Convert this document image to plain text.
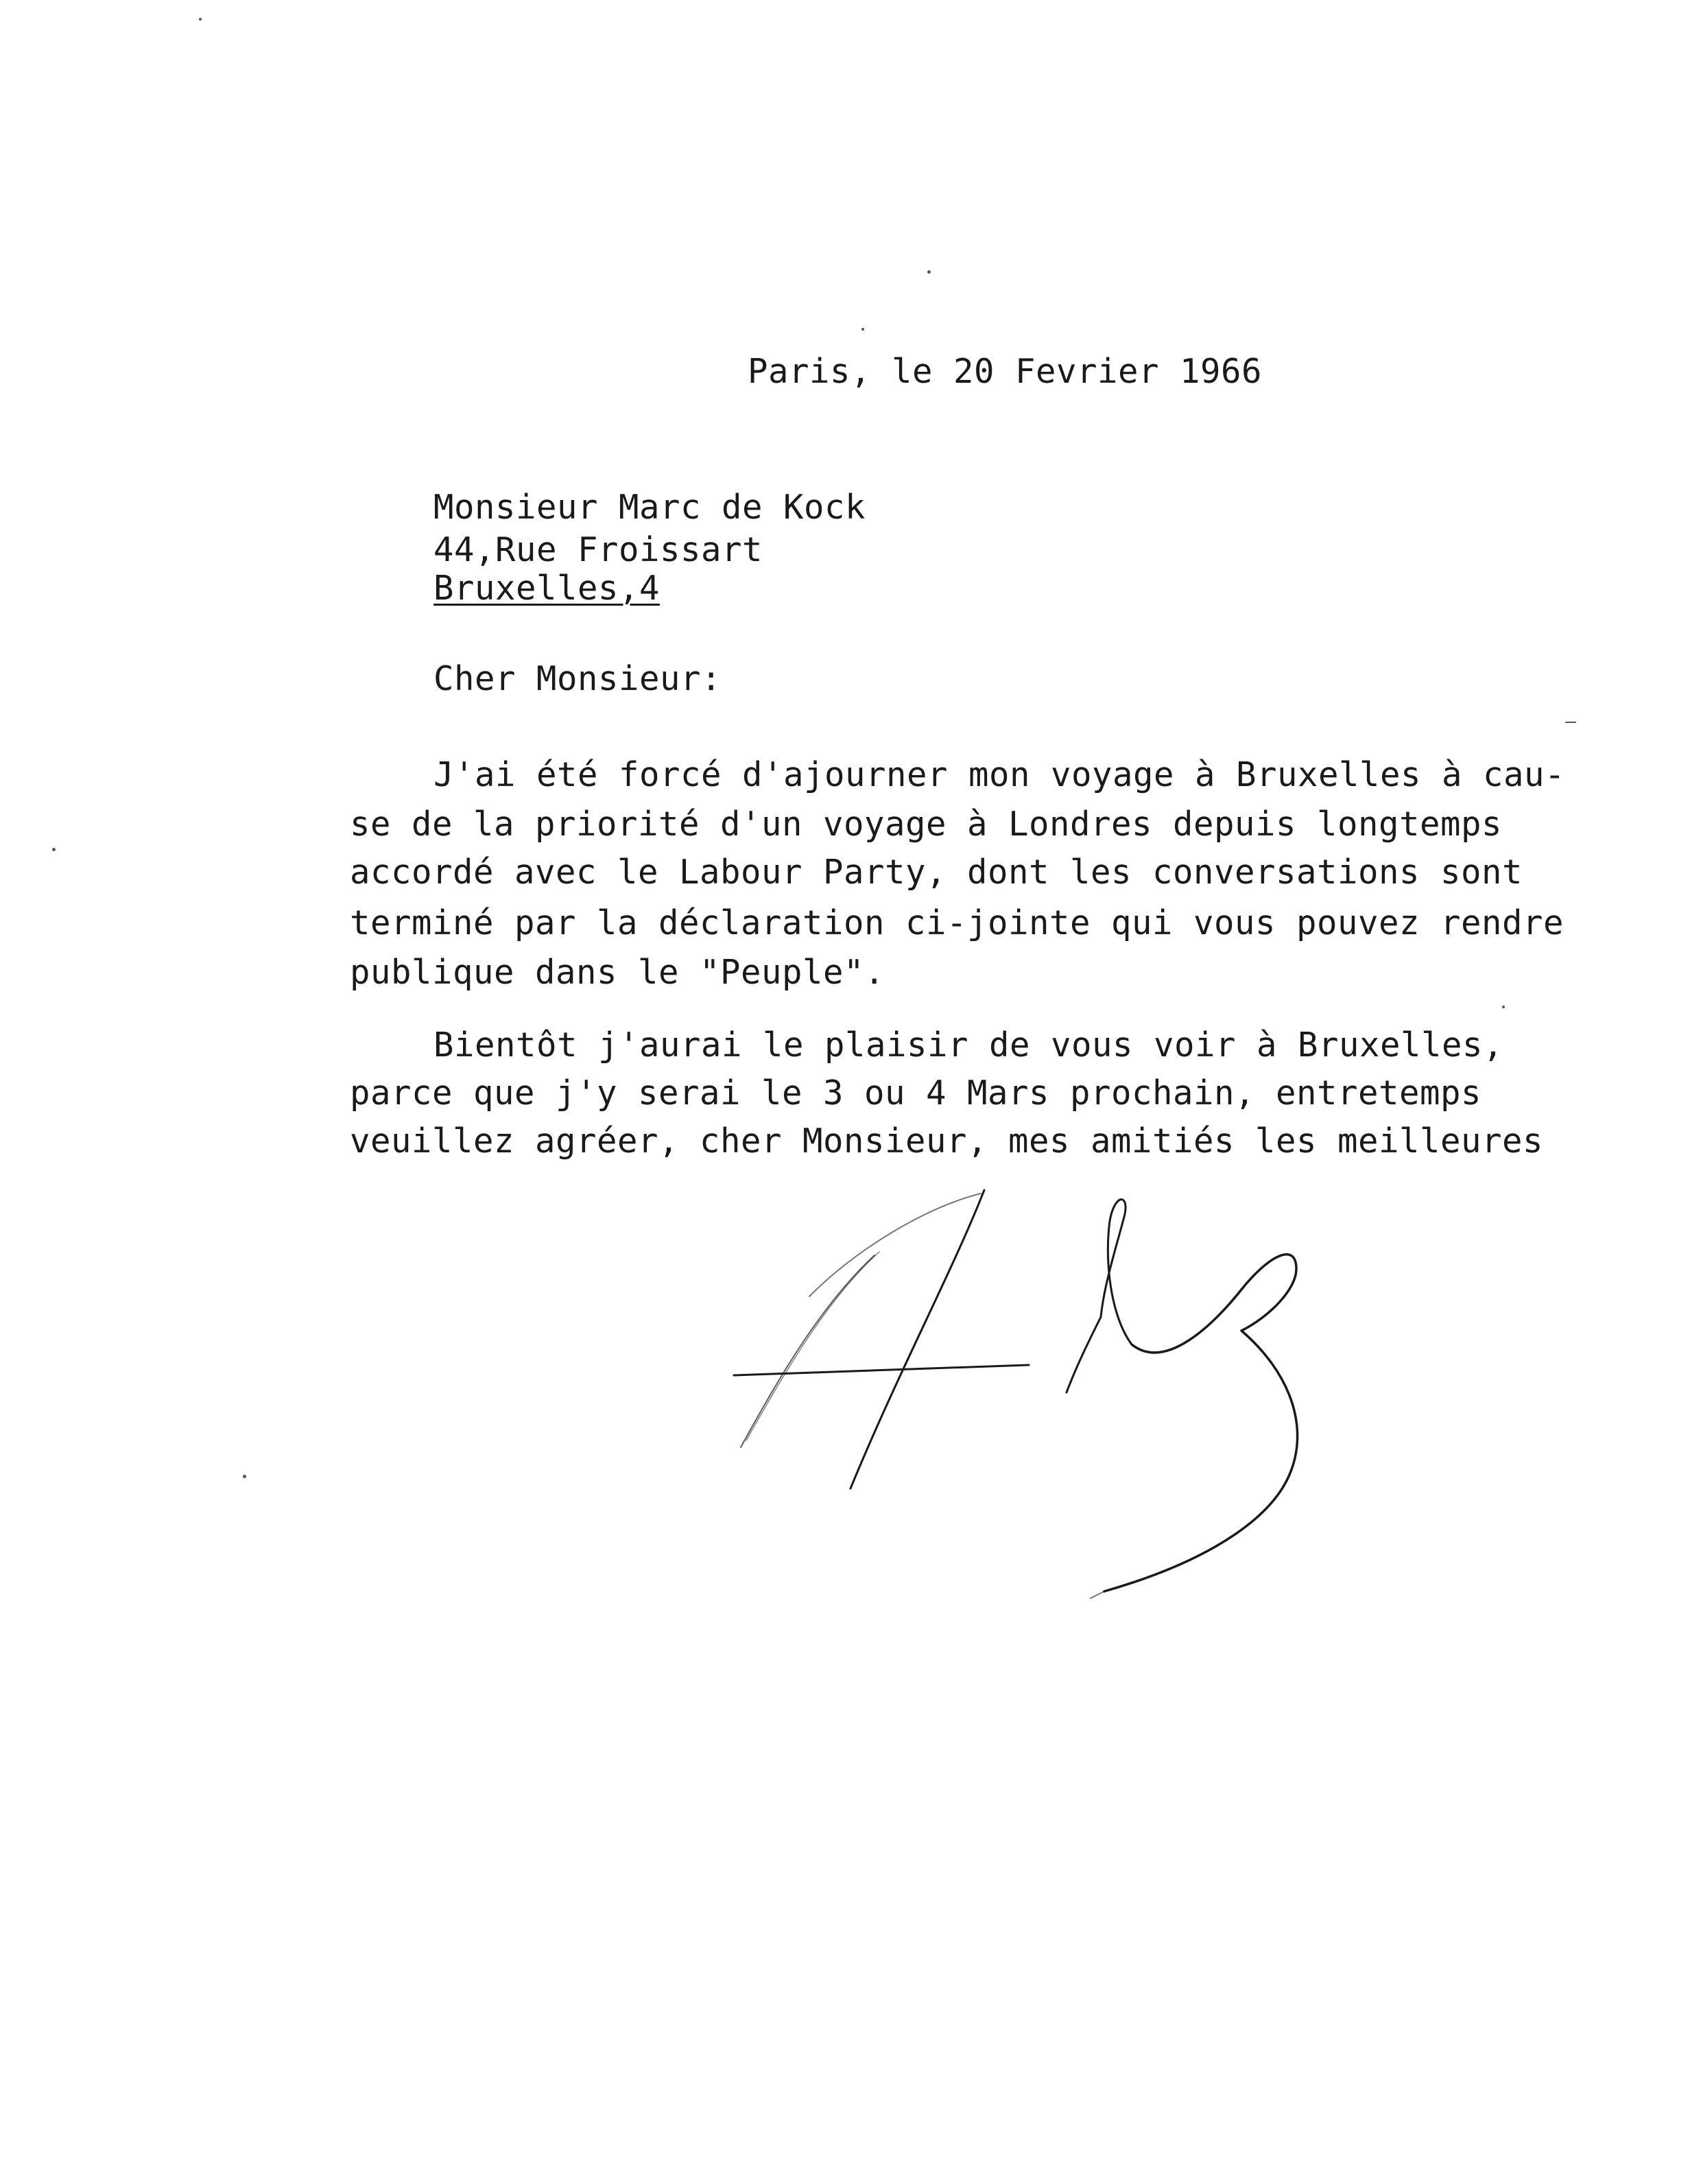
Paris, le 20 Fevrier 1966
Monsieur Marc de Kock
44,Rue Froissart
Bruxelles,4
Cher Monsieur:
J'ai été forcé d'ajourner mon voyage à Bruxelles à cau-
se de la priorité d'un voyage à Londres depuis longtemps
accordé avec le Labour Party, dont les conversations sont
terminé par la déclaration ci-jointe qui vous pouvez rendre
publique dans le "Peuple".
Bientôt j'aurai le plaisir de vous voir à Bruxelles,
parce que j'y serai le 3 ou 4 Mars prochain, entretemps
veuillez agréer, cher Monsieur, mes amitiés les meilleures
